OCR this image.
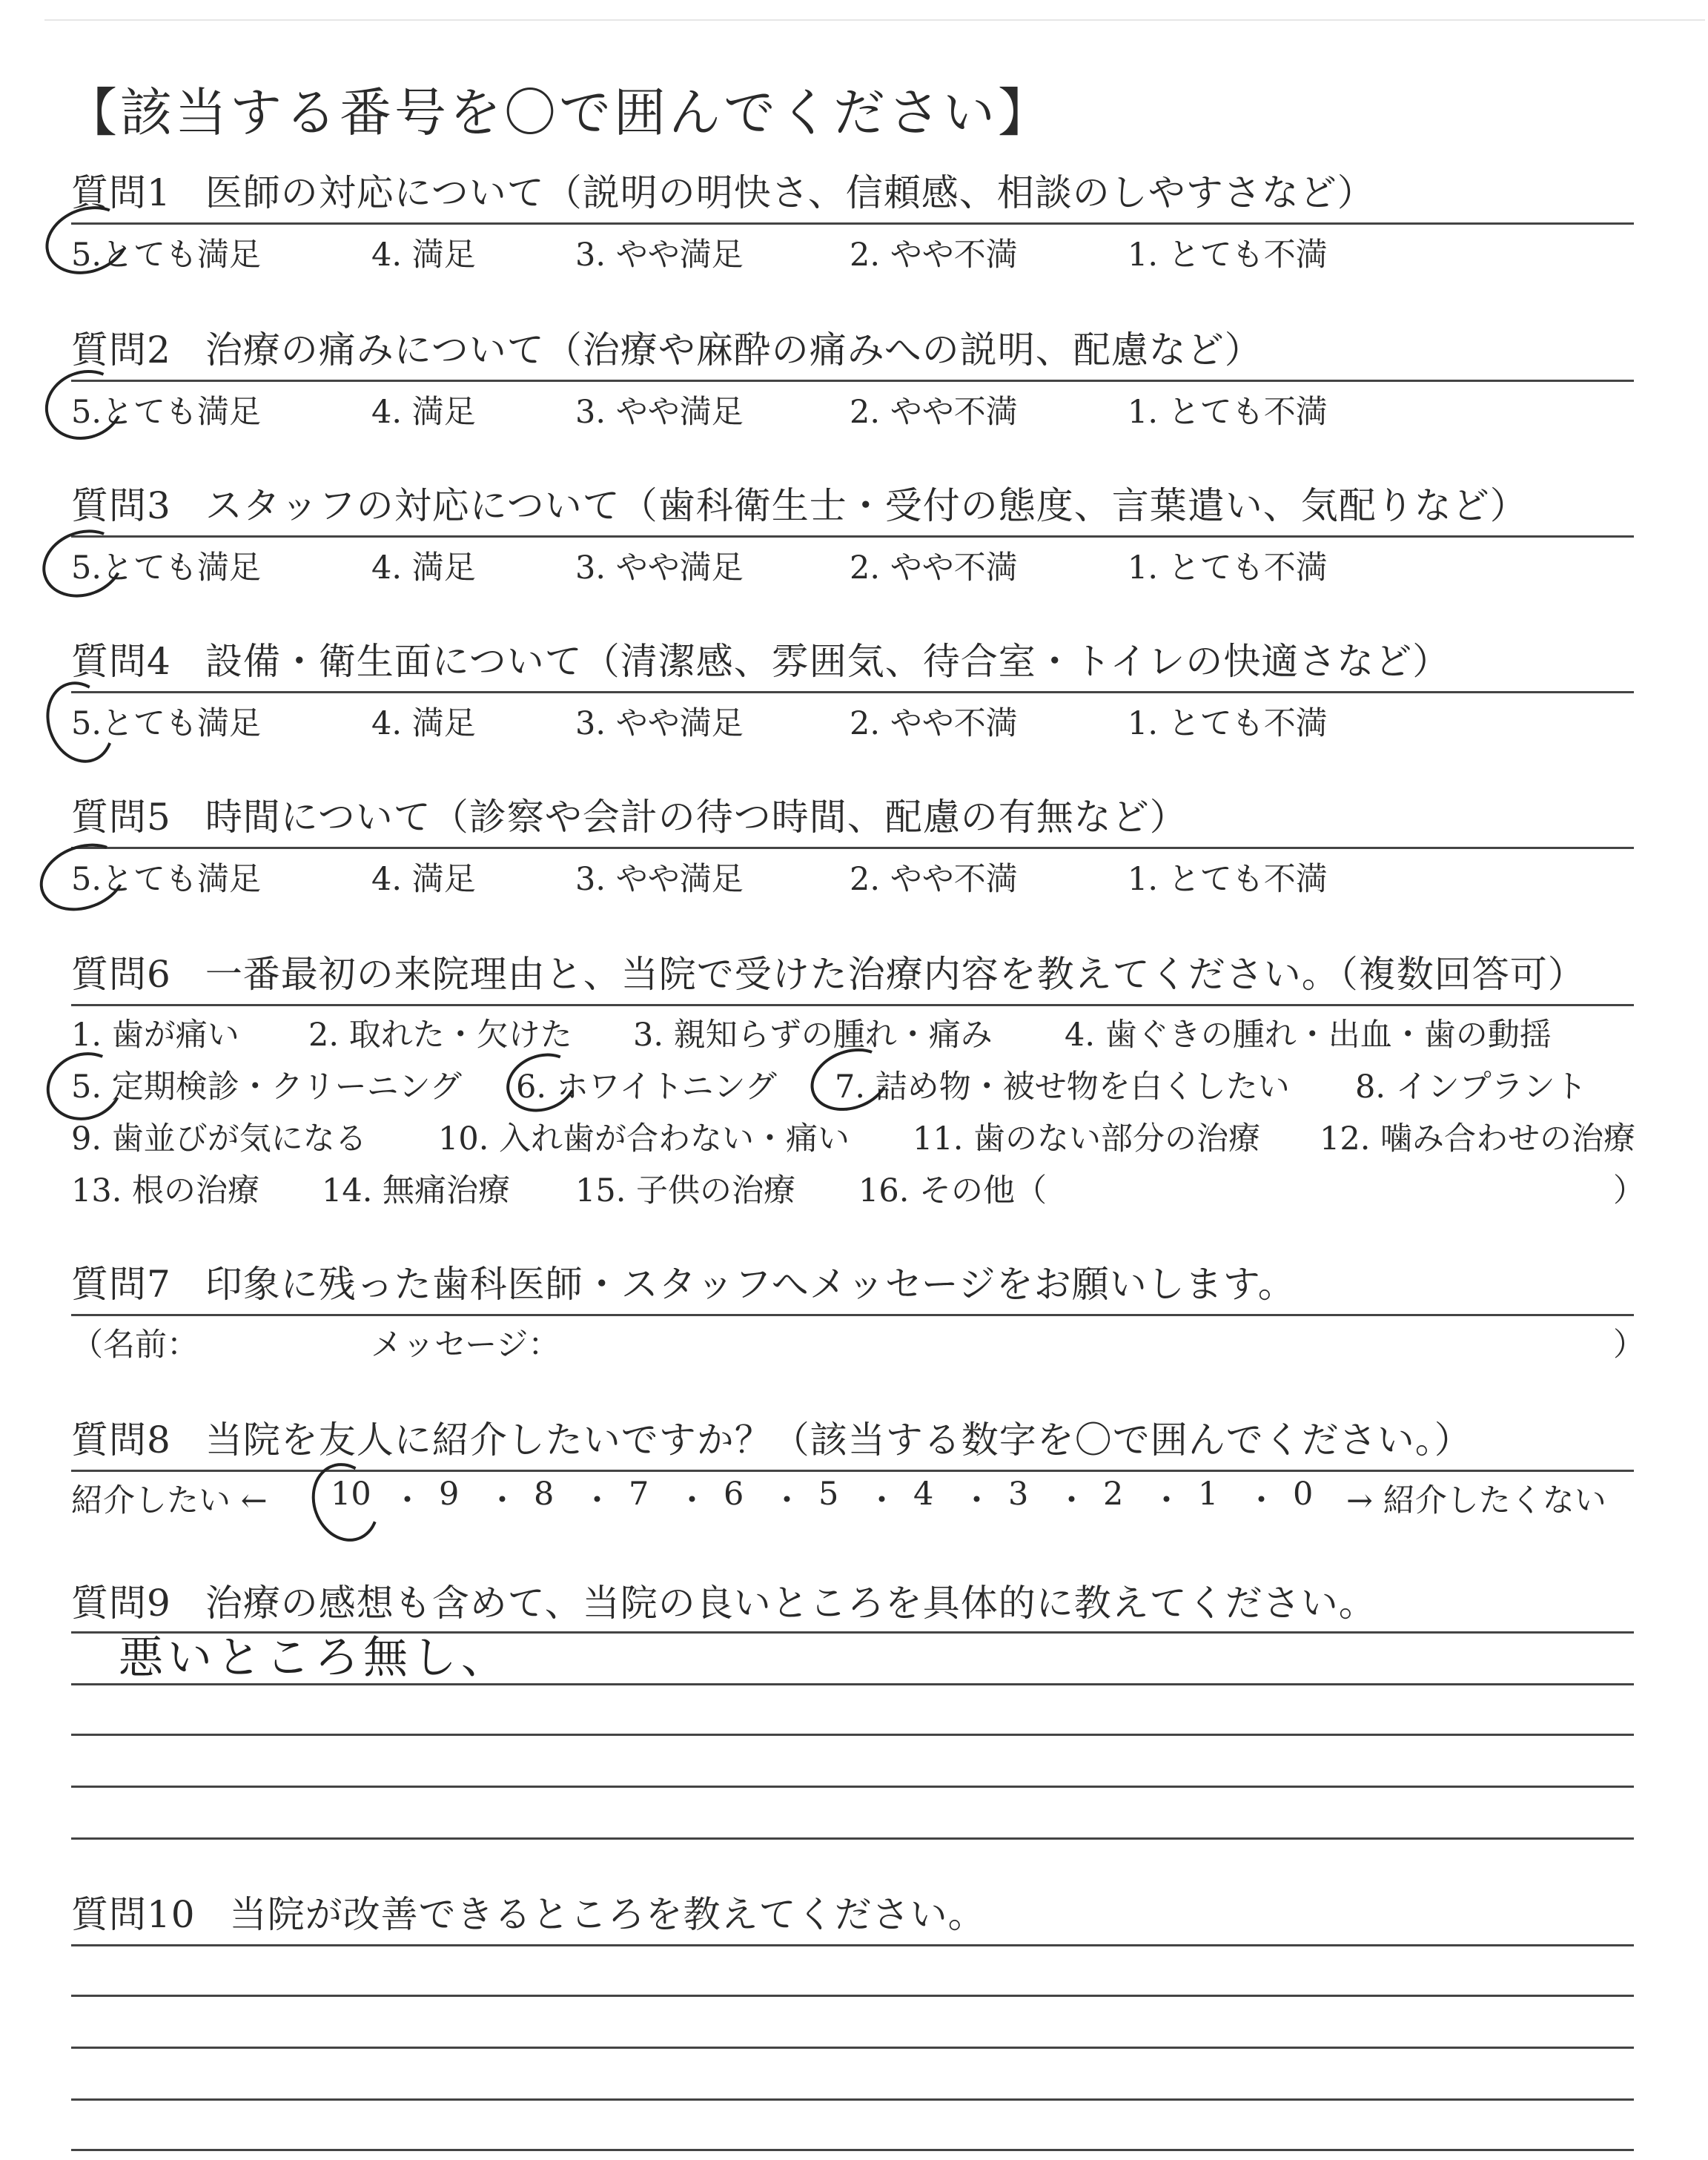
【該当する番号を〇で囲んでください】
質問1 医師の対応について（説明の明快さ、信頼感、相談のしやすさなど）
5.とても満足	4. 満足	3. やや満足	2. やや不満	1. とても不満
質問2 治療の痛みについて（治療や麻酔の痛みへの説明、配慮など）
5.とても満足	4. 満足	3. やや満足	2. やや不満	1. とても不満
質問3 スタッフの対応について（歯科衛生士・受付の態度、言葉遣い、気配りなど）
5.とても満足	4. 満足	3. やや満足	2. やや不満	1. とても不満
質問4 設備・衛生面について（清潔感、雰囲気、待合室・トイレの快適さなど）
5.とても満足	4. 満足	3. やや満足	2. やや不満	1. とても不満
質問5 時間について（診察や会計の待つ時間、配慮の有無など）
5.とても満足	4. 満足	3. やや満足	2. やや不満	1. とても不満
質問6 一番最初の来院理由と、当院で受けた治療内容を教えてください。（複数回答可）
1. 歯が痛い 2. 取れた・欠けた 3. 親知らずの腫れ・痛み 4. 歯ぐきの腫れ・出血・歯の動揺
5. 定期検診・クリーニング 6. ホワイトニング 7. 詰め物・被せ物を白くしたい 8. インプラント
9. 歯並びが気になる 10. 入れ歯が合わない・痛い 11. 歯のない部分の治療 12. 噛み合わせの治療
13. 根の治療 14. 無痛治療 15. 子供の治療 16. その他（	）
質問7 印象に残った歯科医師・スタッフへメッセージをお願いします。
（名前：	メッセージ：	）
質問8 当院を友人に紹介したいですか？（該当する数字を〇で囲んでください。）
紹介したい ← 10 ・ 9 ・ 8 ・ 7 ・ 6 ・ 5 ・ 4 ・ 3 ・ 2 ・ 1 ・ 0 → 紹介したくない
質問9 治療の感想も含めて、当院の良いところを具体的に教えてください。
悪いところ無し、
質問10 当院が改善できるところを教えてください。
